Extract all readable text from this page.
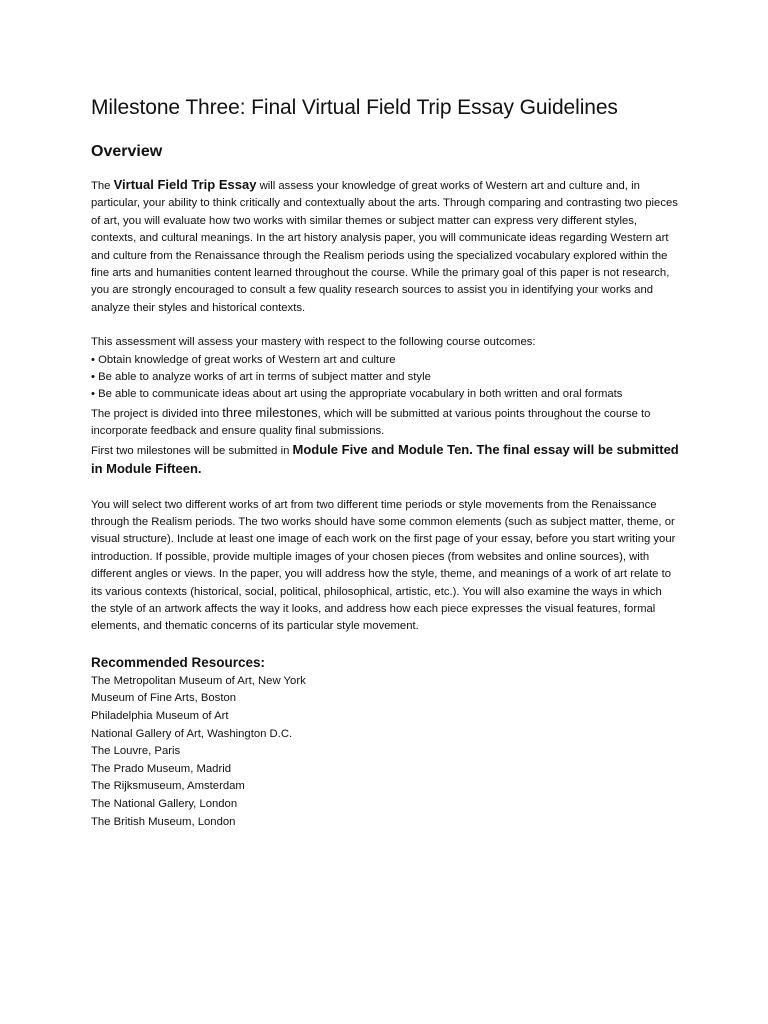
Milestone Three: Final Virtual Field Trip Essay Guidelines
Overview

The Virtual Field Trip Essay will assess your knowledge of great works of Western art and culture and, in particular, your ability to think critically and contextually about the arts. Through comparing and contrasting two pieces of art, you will evaluate how two works with similar themes or subject matter can express very different styles, contexts, and cultural meanings. In the art history analysis paper, you will communicate ideas regarding Western art and culture from the Renaissance through the Realism periods using the specialized vocabulary explored within the fine arts and humanities content learned throughout the course. While the primary goal of this paper is not research, you are strongly encouraged to consult a few quality research sources to assist you in identifying your works and analyze their styles and historical contexts.

This assessment will assess your mastery with respect to the following course outcomes:

• Obtain knowledge of great works of Western art and culture
• Be able to analyze works of art in terms of subject matter and style
• Be able to communicate ideas about art using the appropriate vocabulary in both written and oral formats

The project is divided into three milestones, which will be submitted at various points throughout the course to incorporate feedback and ensure quality final submissions.

First two milestones will be submitted in Module Five and Module Ten. The final essay will be submitted in Module Fifteen.

You will select two different works of art from two different time periods or style movements from the Renaissance through the Realism periods. The two works should have some common elements (such as subject matter, theme, or visual structure). Include at least one image of each work on the first page of your essay, before you start writing your introduction. If possible, provide multiple images of your chosen pieces (from websites and online sources), with different angles or views. In the paper, you will address how the style, theme, and meanings of a work of art relate to its various contexts (historical, social, political, philosophical, artistic, etc.). You will also examine the ways in which the style of an artwork affects the way it looks, and address how each piece expresses the visual features, formal elements, and thematic concerns of its particular style movement.

Recommended Resources:
The Metropolitan Museum of Art, New York
Museum of Fine Arts, Boston
Philadelphia Museum of Art
National Gallery of Art, Washington D.C.
The Louvre, Paris
The Prado Museum, Madrid
The Rijksmuseum, Amsterdam
The National Gallery, London
The British Museum, London
